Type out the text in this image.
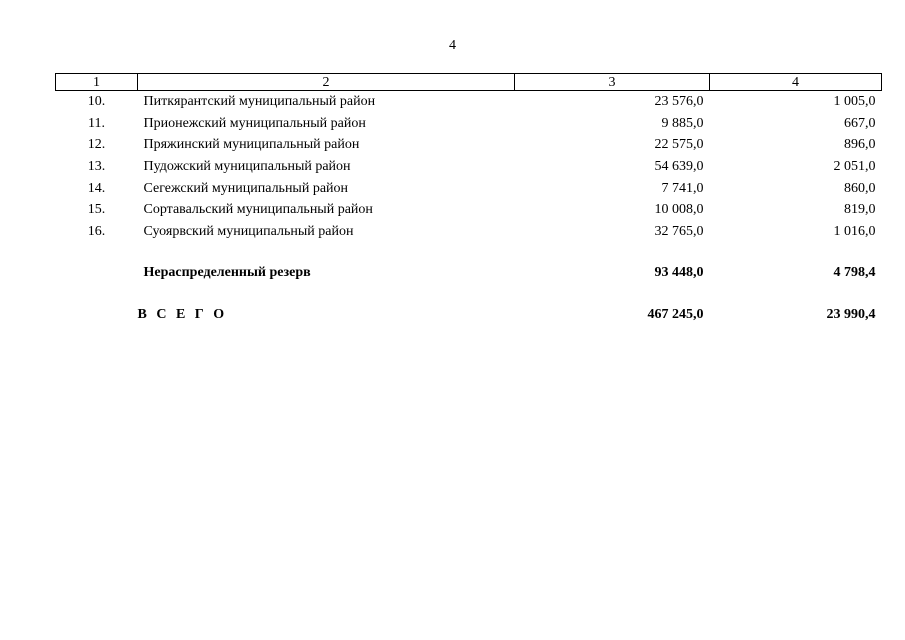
4
1	2	3	4
10.	Питкярантский муниципальный район	23 576,0	1 005,0
11.	Прионежский муниципальный район	9 885,0	667,0
12.	Пряжинский муниципальный район	22 575,0	896,0
13.	Пудожский муниципальный район	54 639,0	2 051,0
14.	Сегежский муниципальный район	7 741,0	860,0
15.	Сортавальский муниципальный район	10 008,0	819,0
16.	Суоярвский муниципальный район	32 765,0	1 016,0

	Нераспределенный резерв	93 448,0	4 798,4

	В С Е Г О	467 245,0	23 990,4
